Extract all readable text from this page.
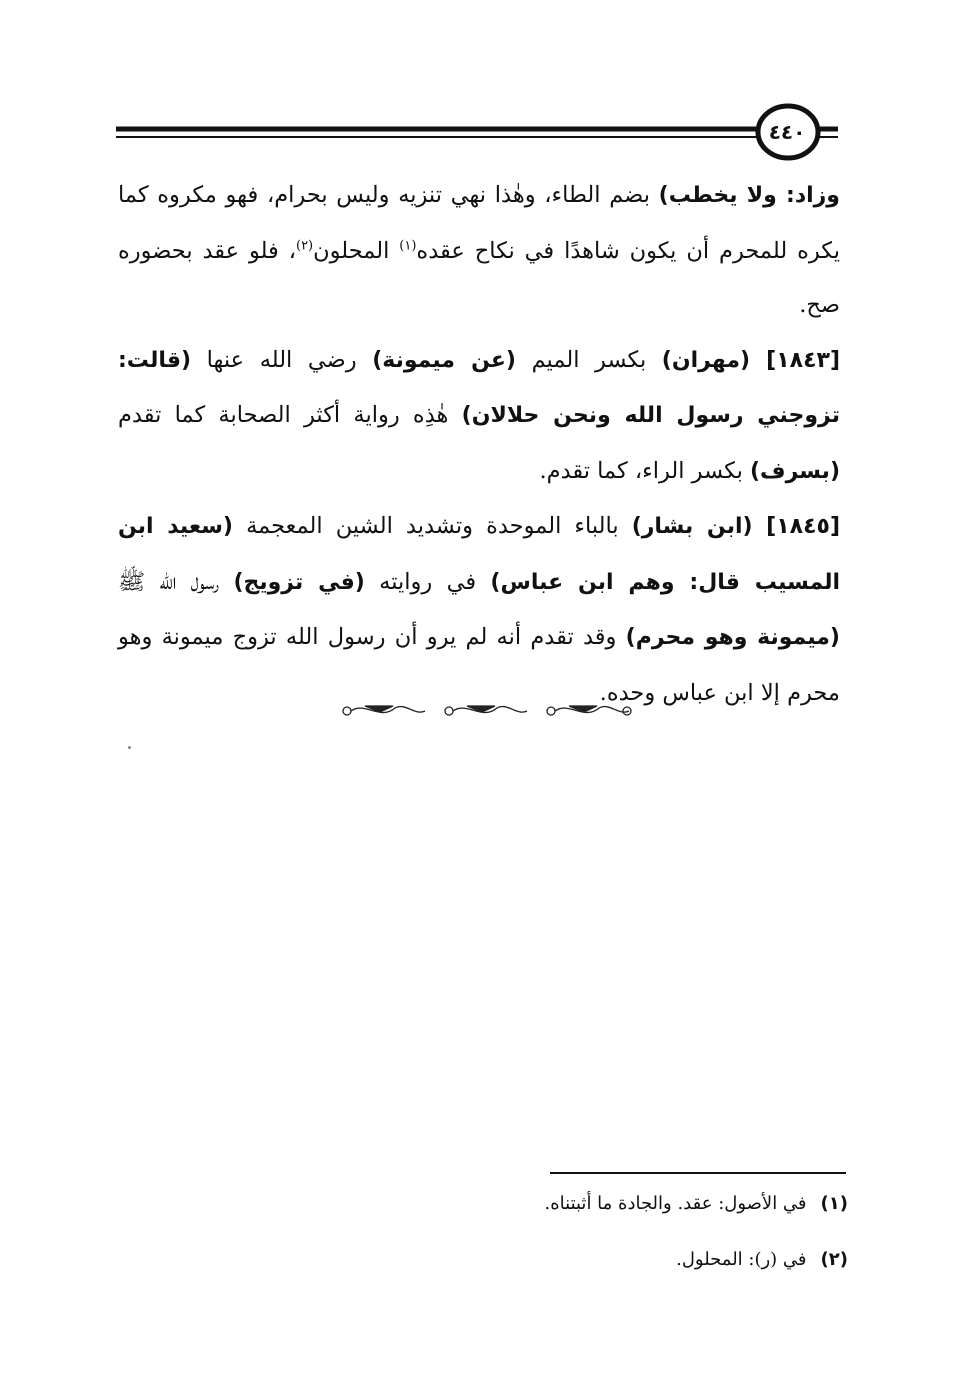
٤٤٠

وزاد: ولا يخطب) بضم الطاء، وهٰذا نهي تنزيه وليس بحرام، فهو مكروه كما يكره للمحرم أن يكون شاهدًا في نكاح عقده$^{(١)}$ المحلون$^{(٢)}$، فلو عقد بحضوره صح.

[١٨٤٣] (مهران) بكسر الميم (عن ميمونة) رضي الله عنها (قالت: تزوجني رسول الله ونحن حلالان) هٰذِه رواية أكثر الصحابة كما تقدم (بسرف) بكسر الراء، كما تقدم.

[١٨٤٥] (ابن بشار) بالباء الموحدة وتشديد الشين المعجمة (سعيد ابن المسيب قال: وهم ابن عباس) في روايته (في تزويج) رسول الله ﷺ (ميمونة وهو محرم) وقد تقدم أنه لم يرو أن رسول الله تزوج ميمونة وهو محرم إلا ابن عباس وحده.

(١)في الأصول: عقد. والجادة ما أثبتناه.
(٢)في (ر): المحلول.
